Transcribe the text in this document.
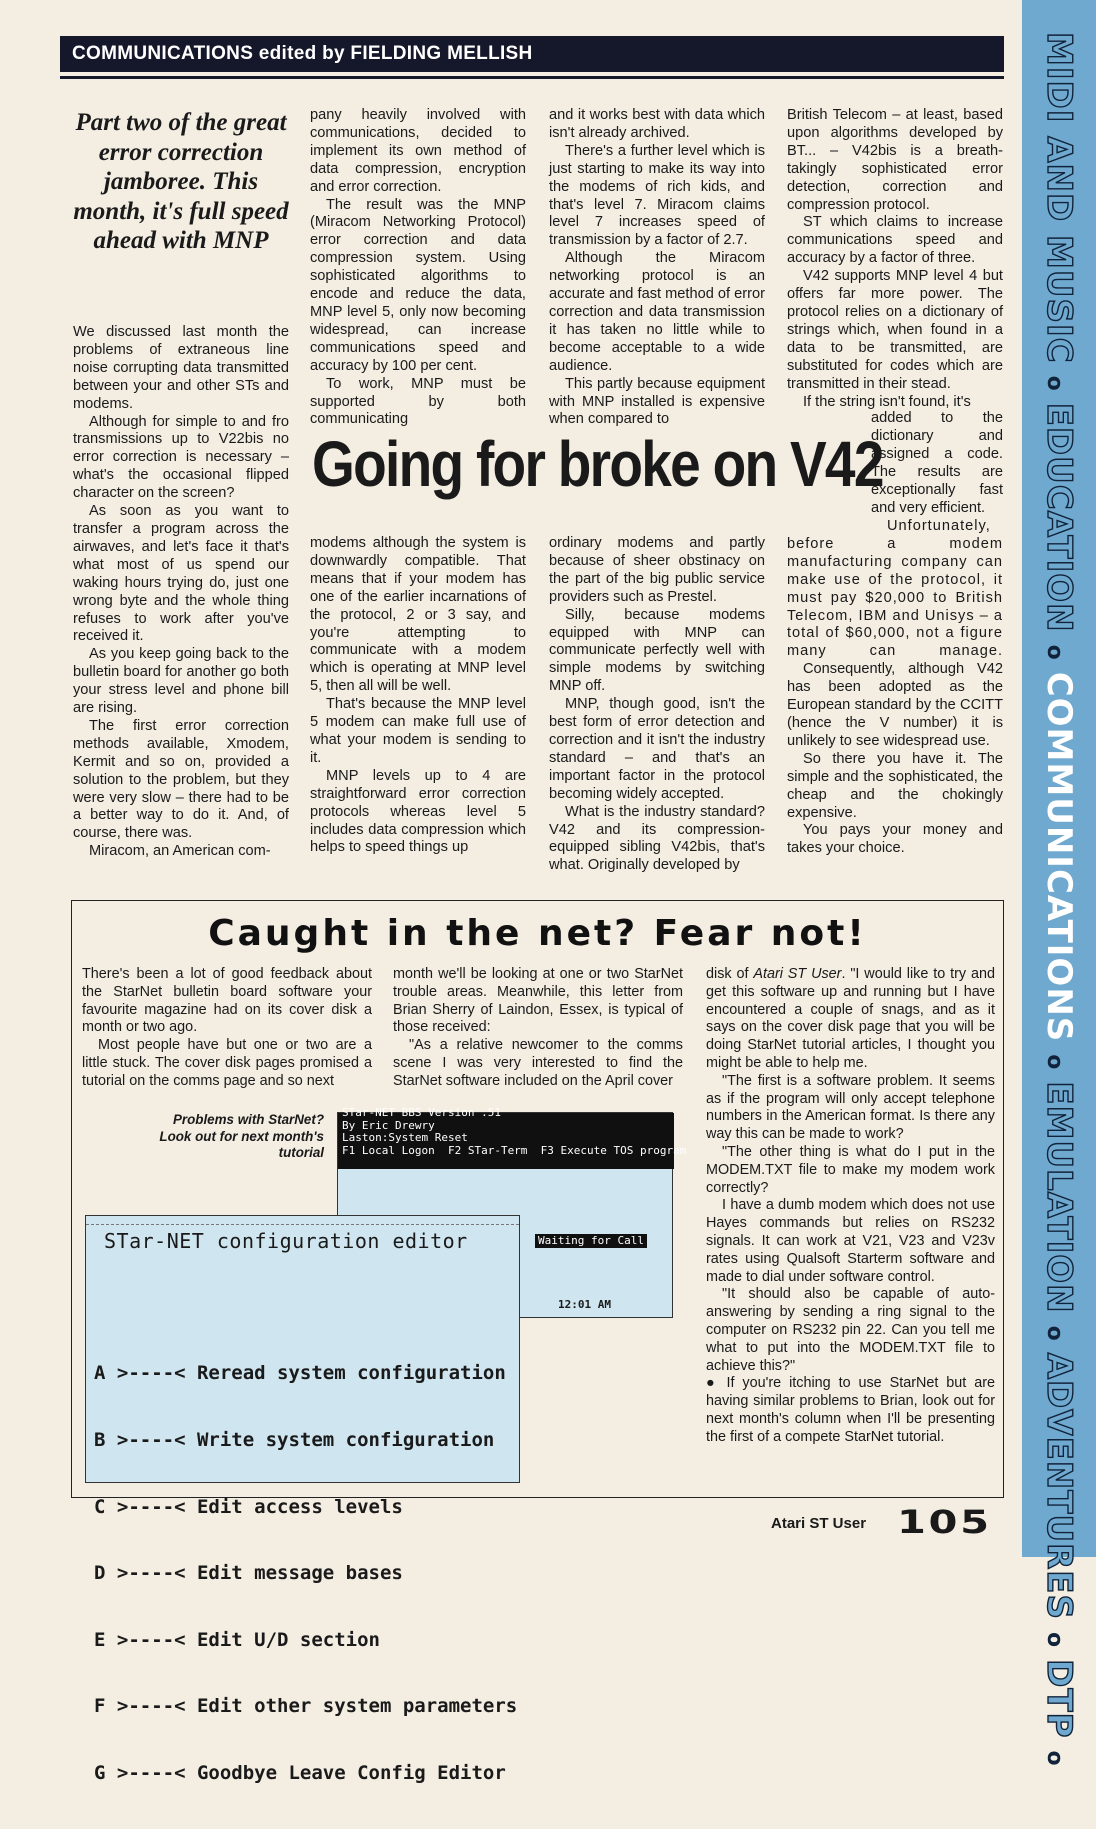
COMMUNICATIONS edited by FIELDING MELLISH	MIDI AND MUSICoEDUCATIONoCOMMUNICATIONSoEMULATIONoADVENTURESoDTPo
Part two of the great error correction jamboree. This month, it's full speed ahead with MNP

We discussed last month the problems of extraneous line noise corrupting data transmitted between your and other STs and modems.

Although for simple to and fro transmissions up to V22bis no error correction is necessary – what's the occasional flipped character on the screen?

As soon as you want to transfer a program across the airwaves, and let's face it that's what most of us spend our waking hours trying do, just one wrong byte and the whole thing refuses to work after you've received it.

As you keep going back to the bulletin board for another go both your stress level and phone bill are rising.

The first error correction methods available, Xmodem, Kermit and so on, provided a solution to the problem, but they were very slow – there had to be a better way to do it. And, of course, there was.

Miracom, an American com-

pany heavily involved with communications, decided to implement its own method of data compression, encryption and error correction.

The result was the MNP (Miracom Networking Protocol) error correction and data compression system. Using sophisticated algorithms to encode and reduce the data, MNP level 5, only now becoming widespread, can increase communications speed and accuracy by 100 per cent.

To work, MNP must be supported by both communicating

and it works best with data which isn't already archived.

There's a further level which is just starting to make its way into the modems of rich kids, and that's level 7. Miracom claims level 7 increases speed of transmission by a factor of 2.7.

Although the Miracom networking protocol is an accurate and fast method of error correction and data transmission it has taken no little while to become acceptable to a wide audience.

This partly because equipment with MNP installed is expensive when compared to

British Telecom – at least, based upon algorithms developed by BT... – V42bis is a breath-takingly sophisticated error detection, correction and compression protocol.

ST which claims to increase communications speed and accuracy by a factor of three.

V42 supports MNP level 4 but offers far more power. The protocol relies on a dictionary of strings which, when found in a data to be transmitted, are substituted for codes which are transmitted in their stead.

If the string isn't found, it's

added to the dictionary and assigned a code. The results are exceptionally fast and very efficient.

Going for broke on V42

modems although the system is downwardly compatible. That means that if your modem has one of the earlier incarnations of the protocol, 2 or 3 say, and you're attempting to communicate with a modem which is operating at MNP level 5, then all will be well.

That's because the MNP level 5 modem can make full use of what your modem is sending to it.

MNP levels up to 4 are straightforward error correction protocols whereas level 5 includes data compression which helps to speed things up

ordinary modems and partly because of sheer obstinacy on the part of the big public service providers such as Prestel.

Silly, because modems equipped with MNP can communicate perfectly well with simple modems by switching MNP off.

MNP, though good, isn't the best form of error detection and correction and it isn't the industry standard – and that's an important factor in the protocol becoming widely accepted.

What is the industry standard? V42 and its compression-equipped sibling V42bis, that's what. Originally developed by

Unfortunately, before a modem manufacturing company can make use of the protocol, it must pay $20,000 to British Telecom, IBM and Unisys – a total of $60,000, not a figure many can manage.

Consequently, although V42 has been adopted as the European standard by the CCITT (hence the V number) it is unlikely to see widespread use.

So there you have it. The simple and the sophisticated, the cheap and the chokingly expensive.

You pays your money and takes your choice.

Caught in the net? Fear not!

There's been a lot of good feedback about the StarNet bulletin board software your favourite magazine had on its cover disk a month or two ago.

Most people have but one or two are a little stuck. The cover disk pages promised a tutorial on the comms page and so next

month we'll be looking at one or two StarNet trouble areas. Meanwhile, this letter from Brian Sherry of Laindon, Essex, is typical of those received:

"As a relative newcomer to the comms scene I was very interested to find the StarNet software included on the April cover

disk of Atari ST User. "I would like to try and get this software up and running but I have encountered a couple of snags, and as it says on the cover disk page that you will be doing StarNet tutorial articles, I thought you might be able to help me.

"The first is a software problem. It seems as if the program will only accept telephone numbers in the American format. Is there any way this can be made to work?

"The other thing is what do I put in the MODEM.TXT file to make my modem work correctly?

I have a dumb modem which does not use Hayes commands but relies on RS232 signals. It can work at V21, V23 and V23v rates using Qualsoft Starterm software and made to dial under software control.

"It should also be capable of auto-answering by sending a ring signal to the computer on RS232 pin 22. Can you tell me what to put into the MODEM.TXT file to achieve this?"

● If you're itching to use StarNet but are having similar problems to Brian, look out for next month's column when I'll be presenting the first of a compete StarNet tutorial.

Problems with StarNet? Look out for next month's tutorial
STar-NET BBS Version .51
By Eric Drewry
Laston:System Reset
F1 Local Logon  F2 STar-Term  F3 Execute TOS program
Waiting for Call
12:01 AM
STar-NET configuration editor

A >----< Reread system configuration

B >----< Write system configuration

C >----< Edit access levels

D >----< Edit message bases

E >----< Edit U/D section

F >----< Edit other system parameters

G >----< Goodbye Leave Config Editor

Atari ST User 105
